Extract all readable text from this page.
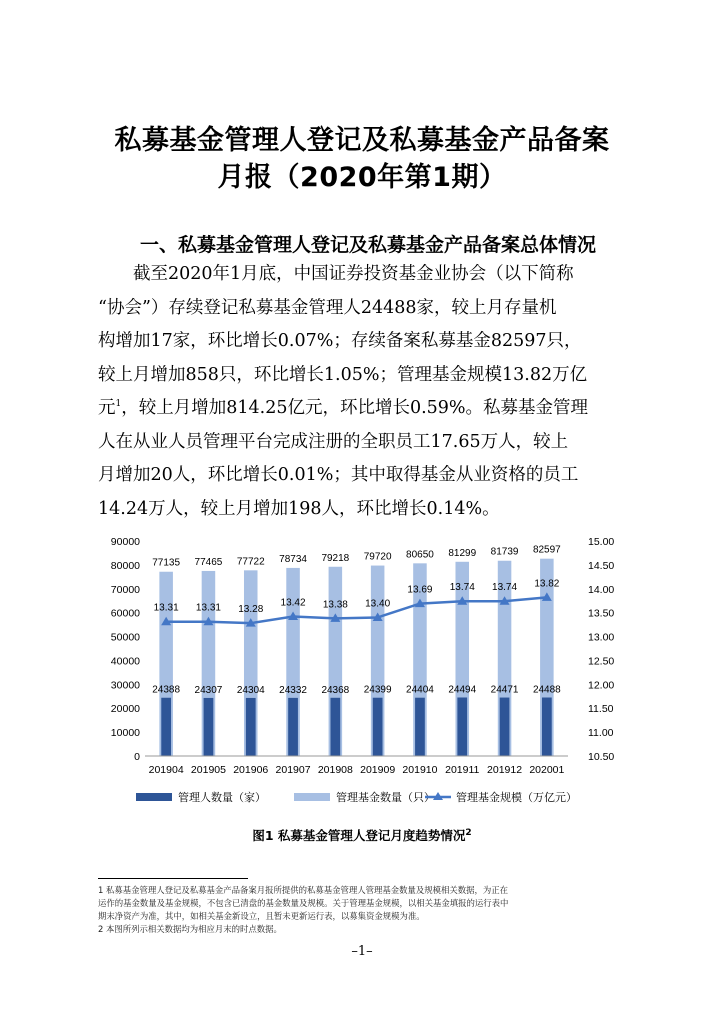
私募基金管理人登记及私募基金产品备案
月报（2020年第1期）
一、私募基金管理人登记及私募基金产品备案总体情况

截至2020年1月底，中国证券投资基金业协会（以下简称

“协会”）存续登记私募基金管理人24488家，较上月存量机

构增加17家，环比增长0.07%；存续备案私募基金82597只，

较上月增加858只，环比增长1.05%；管理基金规模13.82万亿

元$^1$，较上月增加814.25亿元，环比增长0.59%。私募基金管理

人在从业人员管理平台完成注册的全职员工17.65万人，较上

月增加20人，环比增长0.01%；其中取得基金从业资格的员工

14.24万人，较上月增加198人，环比增长0.14%。

0
10000
20000
30000
40000
50000
60000
70000
80000
90000
10.50
11.00
11.50
12.00
12.50
13.00
13.50
14.00
14.50
15.00
77135
24388
201904
77465
24307
201905
77722
24304
201906
78734
24332
201907
79218
24368
201908
79720
24399
201909
80650
24404
201910
81299
24494
201911
81739
24471
201912
82597
24488
202001
13.31 13.31 13.28
13.42 13.38 13.40
13.69 13.74 13.74 13.82
管理人数量（家）	管理基金数量（只） 管理基金规模（万亿元）
图1 私募基金管理人登记月度趋势情况$^2$
1 私募基金管理人登记及私募基金产品备案月报所提供的私募基金管理人管理基金数量及规模相关数据，为正在
运作的基金数量及基金规模，不包含已清盘的基金数量及规模。关于管理基金规模，以相关基金填报的运行表中
期末净资产为准，其中，如相关基金新设立，且暂未更新运行表，以募集资金规模为准。
2 本图所列示相关数据均为相应月末的时点数据。
–1–
